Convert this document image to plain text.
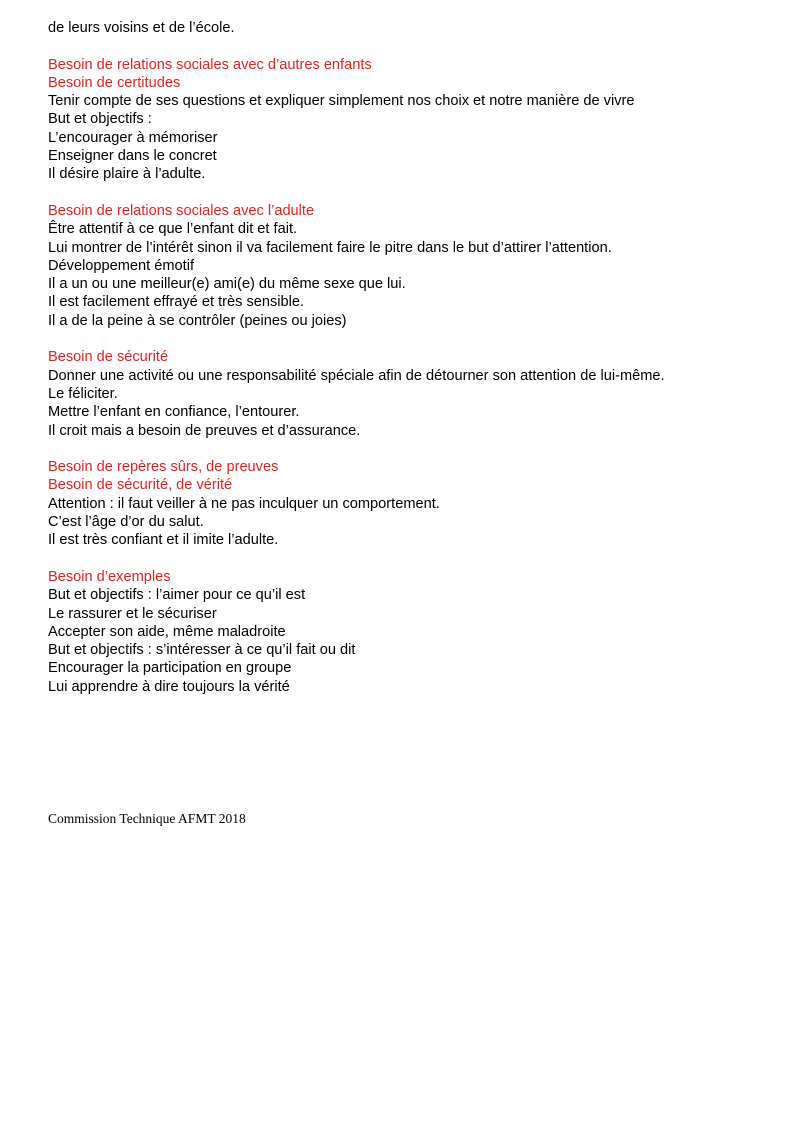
de leurs voisins et de l’école.
Besoin de relations sociales avec d’autres enfants
Besoin de certitudes
Tenir compte de ses questions et expliquer simplement nos choix et notre manière de vivre
But et objectifs :
L’encourager à mémoriser
Enseigner dans le concret
Il désire plaire à l’adulte.
Besoin de relations sociales avec l’adulte
Être attentif à ce que l’enfant dit et fait.
Lui montrer de l’intérêt sinon il va facilement faire le pitre dans le but d’attirer l’attention.
Développement émotif
Il a un ou une meilleur(e) ami(e) du même sexe que lui.
Il est facilement effrayé et très sensible.
Il a de la peine à se contrôler (peines ou joies)
Besoin de sécurité
Donner une activité ou une responsabilité spéciale afin de détourner son attention de lui-même.
Le féliciter.
Mettre l’enfant en confiance, l’entourer.
Il croit mais a besoin de preuves et d’assurance.
Besoin de repères sûrs, de preuves
Besoin de sécurité, de vérité
Attention : il faut veiller à ne pas inculquer un comportement.
C’est l’âge d’or du salut.
Il est très confiant et il imite l’adulte.
Besoin d’exemples
But et objectifs : l’aimer pour ce qu’il est
Le rassurer et le sécuriser
Accepter son aide, même maladroite
But et objectifs : s’intéresser à ce qu’il fait ou dit
Encourager la participation en groupe
Lui apprendre à dire toujours la vérité
Commission Technique AFMT 2018
